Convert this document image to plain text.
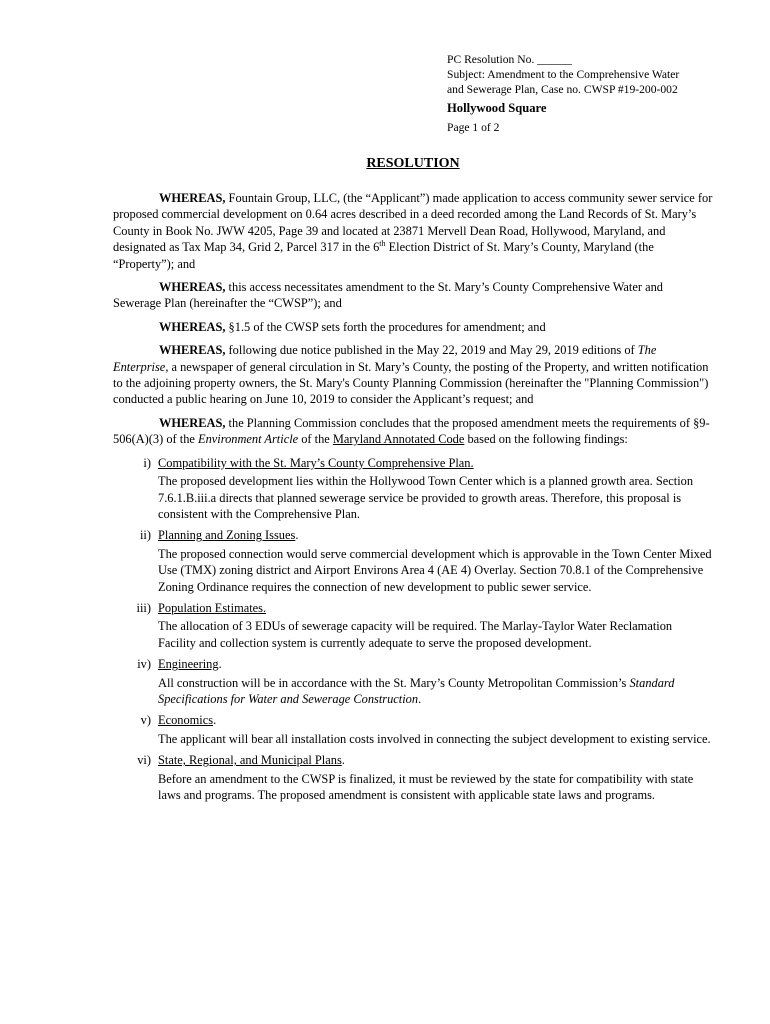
PC Resolution No. ______
Subject: Amendment to the Comprehensive Water
and Sewerage Plan, Case no. CWSP #19-200-002
Hollywood Square
Page 1 of 2
RESOLUTION

WHEREAS, Fountain Group, LLC, (the “Applicant”) made application to access community sewer service for proposed commercial development on 0.64 acres described in a deed recorded among the Land Records of St. Mary’s County in Book No. JWW 4205, Page 39 and located at 23871 Mervell Dean Road, Hollywood, Maryland, and designated as Tax Map 34, Grid 2, Parcel 317 in the 6th Election District of St. Mary’s County, Maryland (the “Property”); and

WHEREAS, this access necessitates amendment to the St. Mary’s County Comprehensive Water and Sewerage Plan (hereinafter the “CWSP”); and

WHEREAS, §1.5 of the CWSP sets forth the procedures for amendment; and

WHEREAS, following due notice published in the May 22, 2019 and May 29, 2019 editions of The Enterprise, a newspaper of general circulation in St. Mary’s County, the posting of the Property, and written notification to the adjoining property owners, the St. Mary's County Planning Commission (hereinafter the "Planning Commission") conducted a public hearing on June 10, 2019 to consider the Applicant’s request; and

WHEREAS, the Planning Commission concludes that the proposed amendment meets the requirements of §9-506(A)(3) of the Environment Article of the Maryland Annotated Code based on the following findings:

i) Compatibility with the St. Mary’s County Comprehensive Plan.
The proposed development lies within the Hollywood Town Center which is a planned growth area. Section 7.6.1.B.iii.a directs that planned sewerage service be provided to growth areas. Therefore, this proposal is consistent with the Comprehensive Plan.
ii) Planning and Zoning Issues.
The proposed connection would serve commercial development which is approvable in the Town Center Mixed Use (TMX) zoning district and Airport Environs Area 4 (AE 4) Overlay. Section 70.8.1 of the Comprehensive Zoning Ordinance requires the connection of new development to public sewer service.
iii) Population Estimates.
The allocation of 3 EDUs of sewerage capacity will be required. The Marlay-Taylor Water Reclamation Facility and collection system is currently adequate to serve the proposed development.
iv) Engineering.
All construction will be in accordance with the St. Mary’s County Metropolitan Commission’s Standard Specifications for Water and Sewerage Construction.
v) Economics.
The applicant will bear all installation costs involved in connecting the subject development to existing service.
vi) State, Regional, and Municipal Plans.
Before an amendment to the CWSP is finalized, it must be reviewed by the state for compatibility with state laws and programs. The proposed amendment is consistent with applicable state laws and programs.
